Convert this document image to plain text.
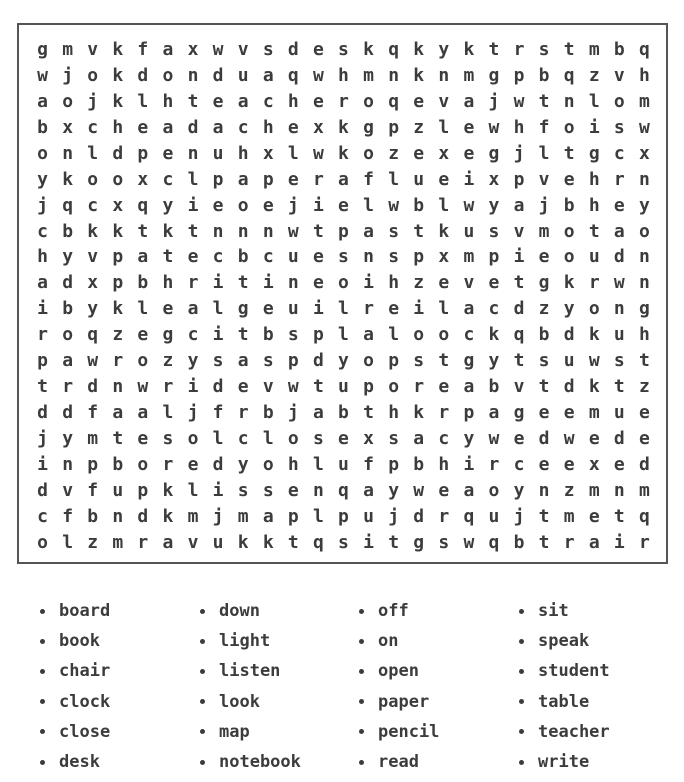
g m v k f a x w v s d e s k q k y k t r s t m b q
w j o k d o n d u a q w h m n k n m g p b q z v h
a o j k l h t e a c h e r o q e v a j w t n l o m
b x c h e a d a c h e x k g p z l e w h f o i s w
o n l d p e n u h x l w k o z e x e g j l t g c x
y k o o x c l p a p e r a f l u e i x p v e h r n
j q c x q y i e o e j i e l w b l w y a j b h e y
c b k k t k t n n n w t p a s t k u s v m o t a o
h y v p a t e c b c u e s n s p x m p i e o u d n
a d x p b h r i t i n e o i h z e v e t g k r w n
i b y k l e a l g e u i l r e i l a c d z y o n g
r o q z e g c i t b s p l a l o o c k q b d k u h
p a w r o z y s a s p d y o p s t g y t s u w s t
t r d n w r i d e v w t u p o r e a b v t d k t z
d d f a a l j f r b j a b t h k r p a g e e m u e
j y m t e s o l c l o s e x s a c y w e d w e d e
i n p b o r e d y o h l u f p b h i r c e e x e d
d v f u p k l i s s e n q a y w e a o y n z m n m
c f b n d k m j m a p l p u j d r q u j t m e t q
o l z m r a v u k k t q s i t g s w q b t r a i r
board
book
chair
clock
close
desk
down
light
listen
look
map
notebook
off
on
open
paper
pencil
read
sit
speak
student
table
teacher
write
